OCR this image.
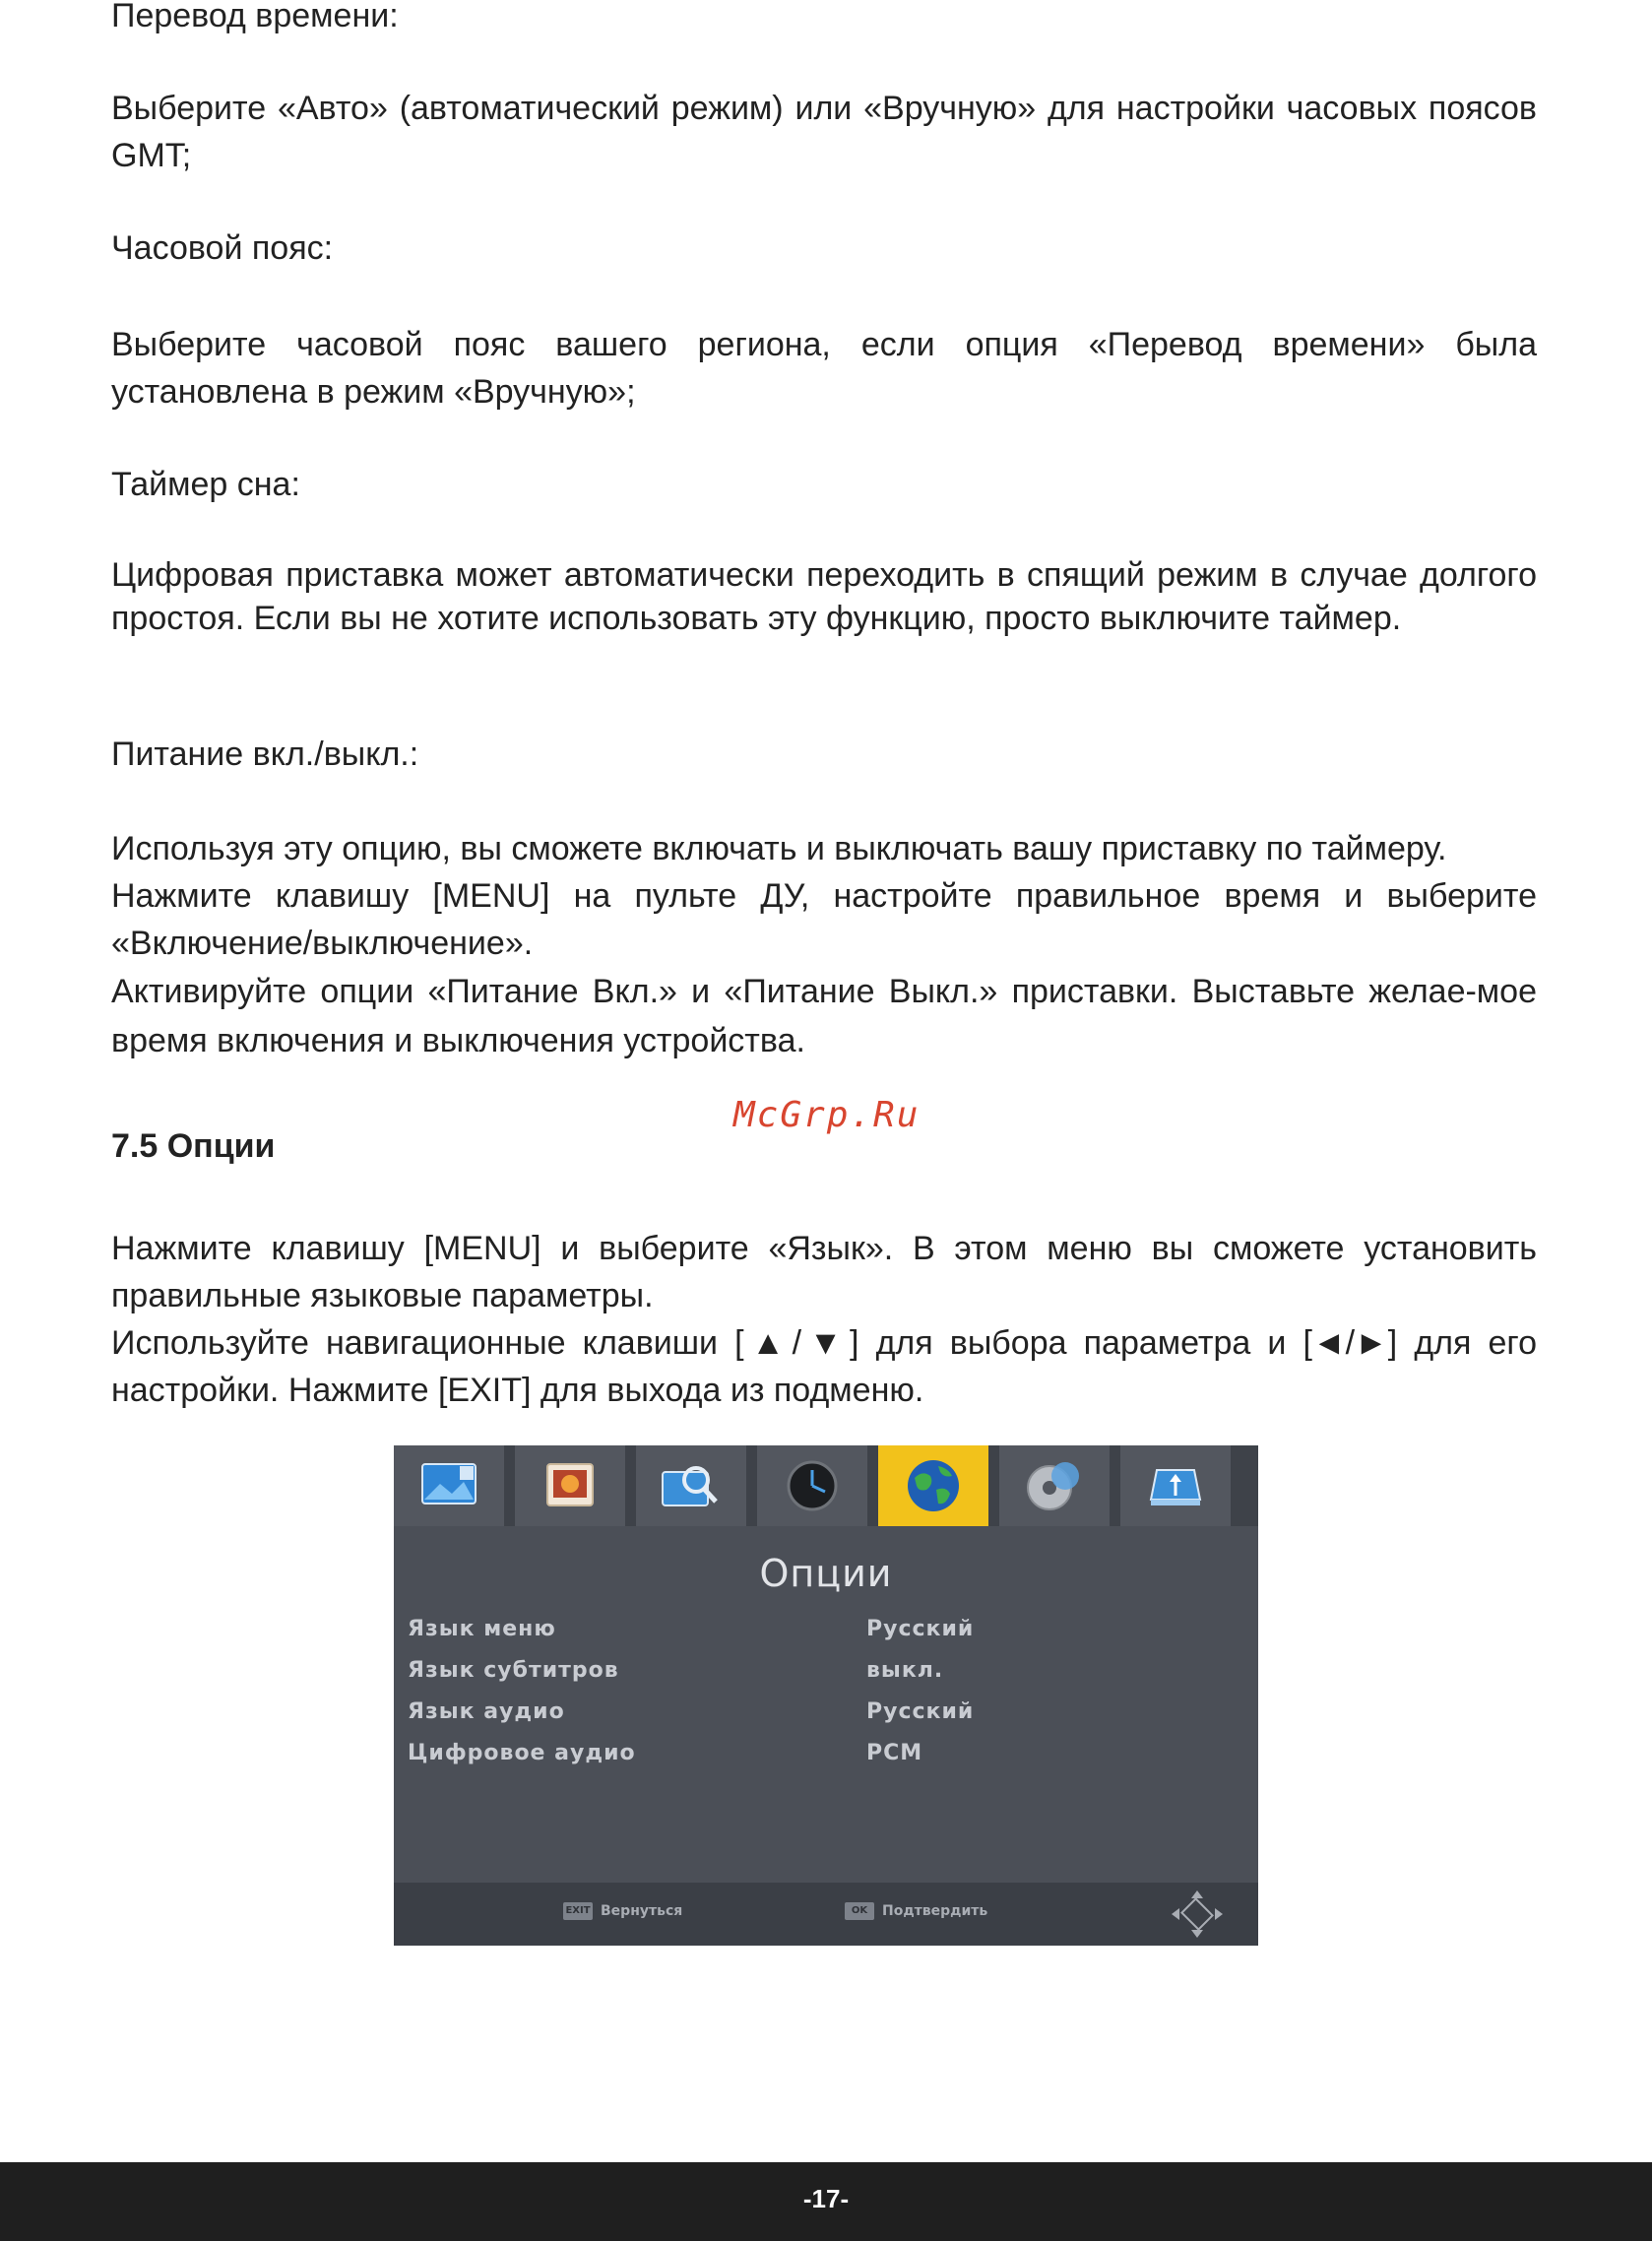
Перевод времени:

Выберите «Авто» (автоматический режим) или «Вручную» для настройки часовых поясов GMT;

Часовой пояс:

Выберите часовой пояс вашего региона, если опция «Перевод времени» была установлена в режим «Вручную»;

Таймер сна:

Цифровая приставка может автоматически переходить в спящий режим в случае долгого простоя. Если вы не хотите использовать эту функцию, просто выключите таймер.

Питание вкл./выкл.:

Используя эту опцию, вы сможете включать и выключать вашу приставку по таймеру.

Нажмите клавишу [MENU] на пульте ДУ, настройте правильное время и выберите «Включение/выключение».

Активируйте опции «Питание Вкл.» и «Питание Выкл.» приставки. Выставьте желае-мое время включения и выключения устройства.

McGrp.Ru

7.5 Опции

Нажмите клавишу [MENU] и выберите «Язык». В этом меню вы сможете установить правильные языковые параметры.

Используйте навигационные клавиши [▲/▼] для выбора параметра и [◄/►] для его настройки. Нажмите [EXIT] для выхода из подменю.

Опции
Язык меню	Русский
Язык субтитров	выкл.
Язык аудио	Русский
Цифровое аудио	PCM
EXIT Вернуться	OK	Подтвердить
-17-
